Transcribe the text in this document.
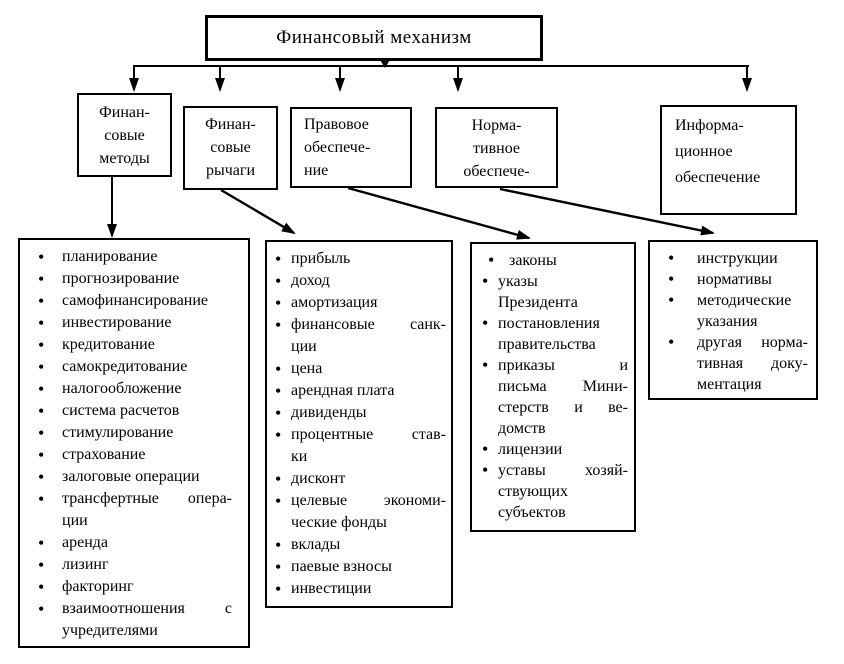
Финансовый механизм
Финан-
совые
методы
Финан-
совые
рычаги
Правовое
обеспече-
ние
Норма-
тивное
обеспече-
Информа-
ционное
обеспечение
•	планирование
•	прогнозирование
•	самофинансирование
•	инвестирование
•	кредитование
•	самокредитование
•	налогообложение
•	система расчетов
•	стимулирование
•	страхование
•	залоговые операции
•	трансфертные опера-
ции
•	аренда
•	лизинг
•	факторинг
•	взаимоотношения с
учредителями
• прибыль
• доход
• амортизация
• финансовые санк-
ции
• цена
• арендная плата
• дивиденды
• процентные став-
ки
• дисконт
• целевые экономи-
ческие фонды
• вклады
• паевые взносы
• инвестиции
• законы
• указы
Президента
• постановления
правительства
• приказы	и
письма Мини-
стерств и ве-
домств
• лицензии
• уставы хозяй-
ствующих
субъектов
•	инструкции
•	нормативы
•	методические
указания
•	другая норма-
тивная доку-
ментация
